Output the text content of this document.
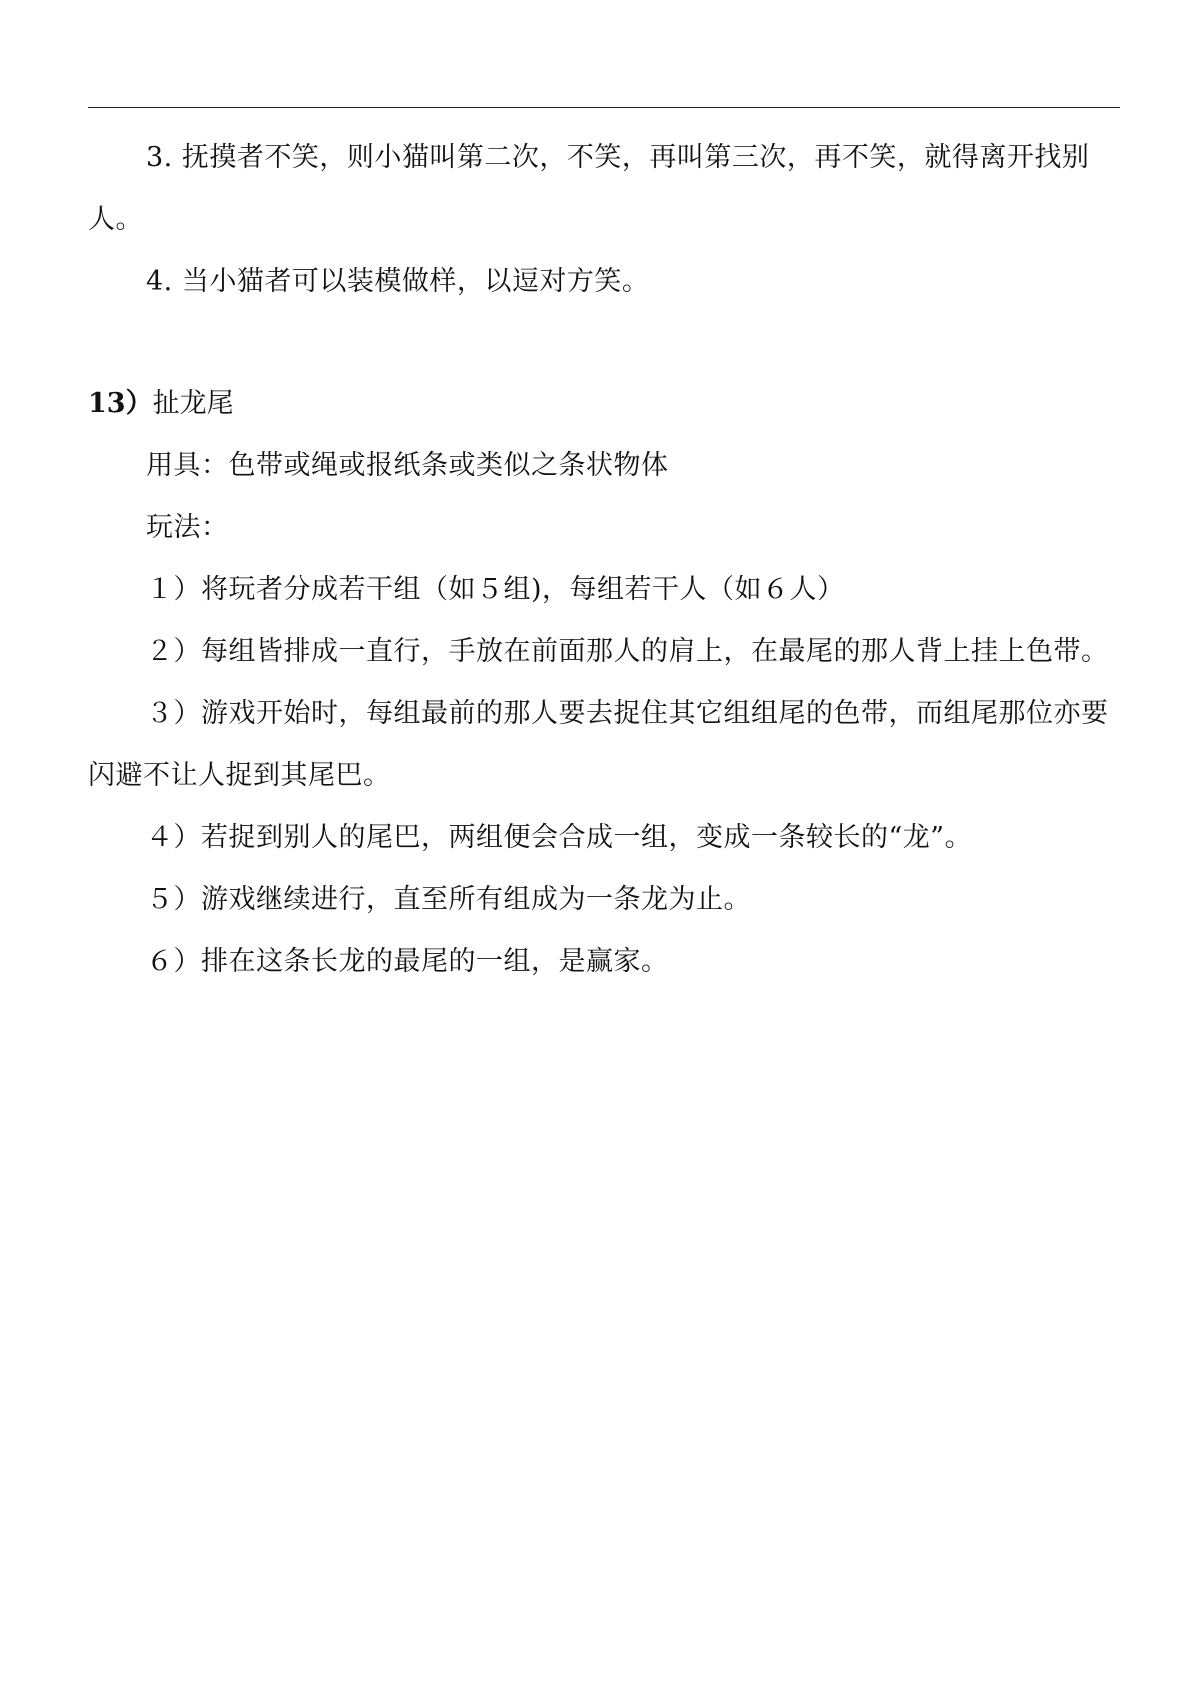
3. 抚摸者不笑，则小猫叫第二次，不笑，再叫第三次，再不笑，就得离开找别人。

4. 当小猫者可以装模做样，以逗对方笑。

13）扯龙尾

用具：色带或绳或报纸条或类似之条状物体

玩法：

１）将玩者分成若干组（如５组)，每组若干人（如６人）

２）每组皆排成一直行，手放在前面那人的肩上，在最尾的那人背上挂上色带。

３）游戏开始时，每组最前的那人要去捉住其它组组尾的色带，而组尾那位亦要闪避不让人捉到其尾巴。

４）若捉到别人的尾巴，两组便会合成一组，变成一条较长的“龙”。

５）游戏继续进行，直至所有组成为一条龙为止。

６）排在这条长龙的最尾的一组，是赢家。
